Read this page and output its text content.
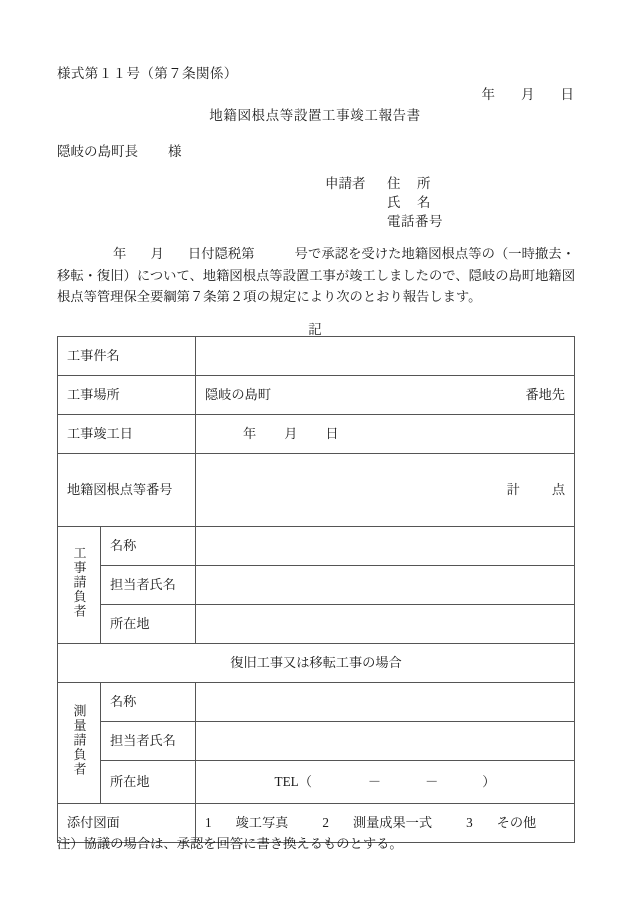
様式第１１号（第７条関係）
年 月 日
地籍図根点等設置工事竣工報告書
隠岐の島町長 様
申請者 住 所
氏 名
電話番号
年 月 日付隠税第	号で承認を受けた地籍図根点等の（一時撤去・移転・復旧）について、地籍図根点等設置工事が竣工しましたので、隠岐の島町地籍図根点等管理保全要綱第７条第２項の規定により次のとおり報告します。
記
工事件名		
工事場所		隠岐の島町 番地先

工事竣工日		年 月 日
地籍図根点等番号		計 点
工事請負者	名称	
	担当者氏名	
	所在地	
復旧工事又は移転工事の場合		
測量請負者	名称	
	担当者氏名	
	所在地	TEL（ － － ）
添付図面		1 竣工写真 2 測量成果一式 3 その他
注）協議の場合は、承認を回答に書き換えるものとする。
